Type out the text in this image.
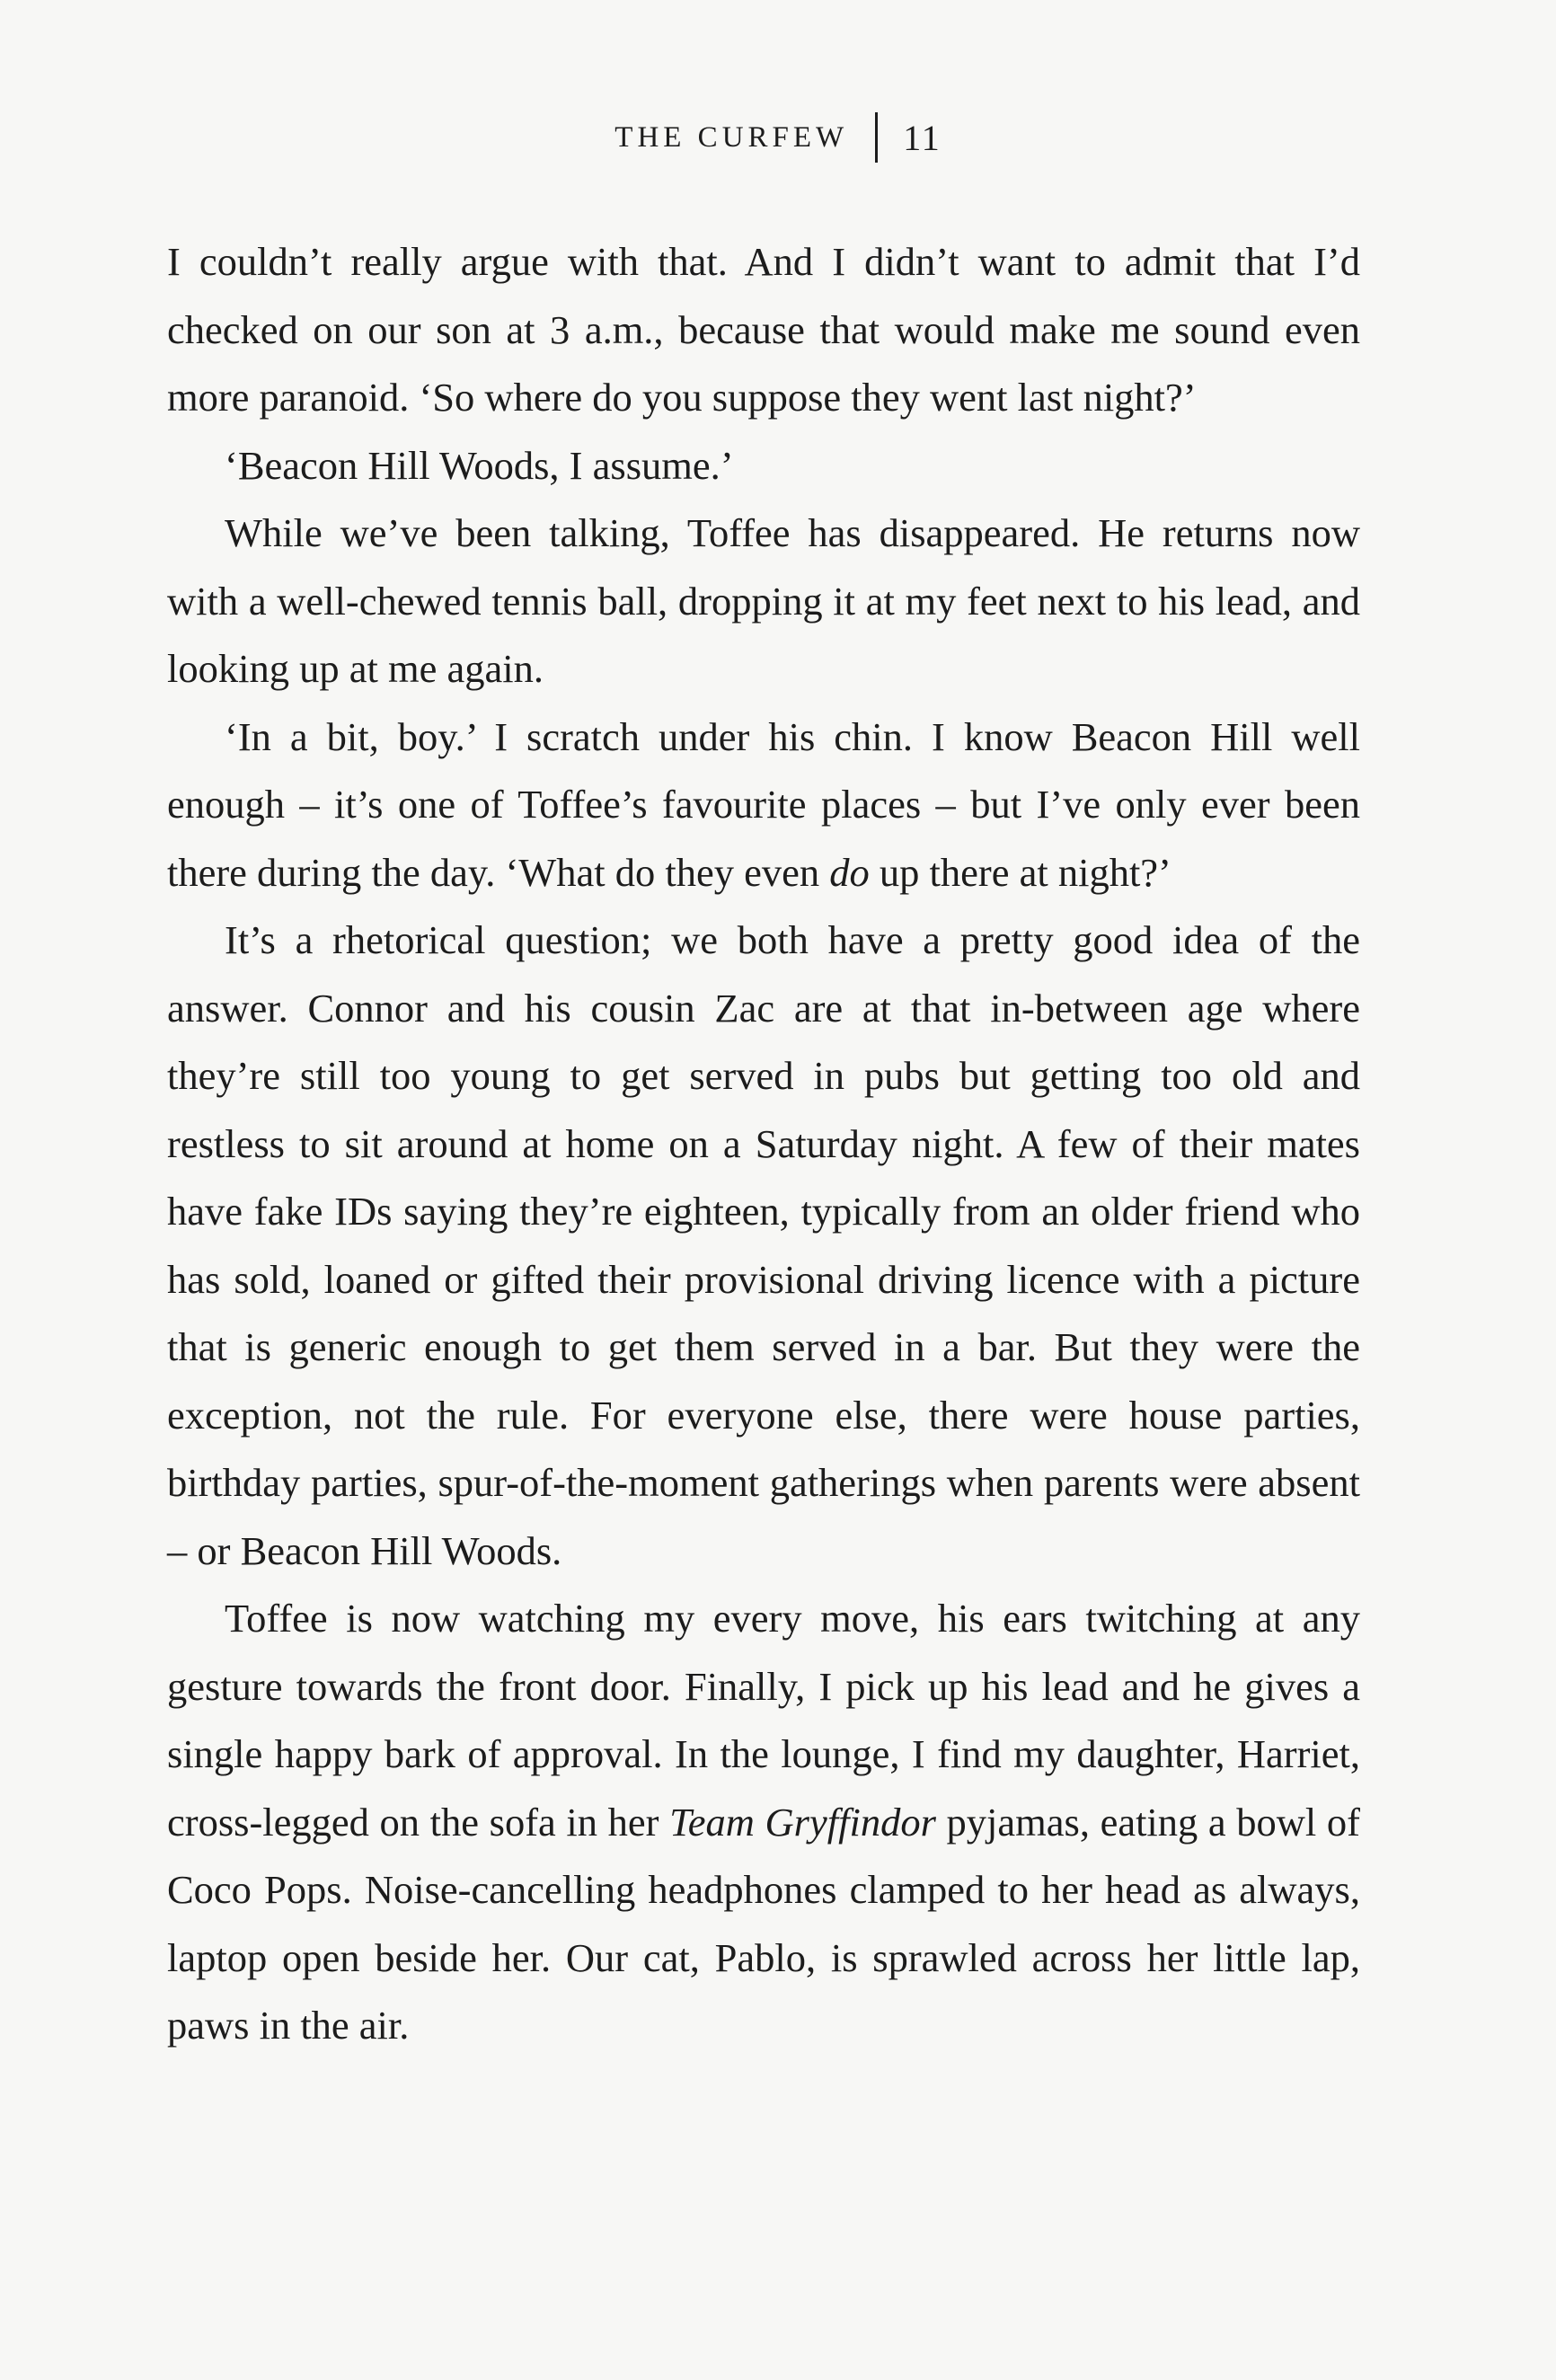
THE CURFEW 11

I couldn’t really argue with that. And I didn’t want to admit that I’d checked on our son at 3 a.m., because that would make me sound even more paranoid. ‘So where do you suppose they went last night?’

‘Beacon Hill Woods, I assume.’

While we’ve been talking, Toffee has disappeared. He returns now with a well-chewed tennis ball, dropping it at my feet next to his lead, and looking up at me again.

‘In a bit, boy.’ I scratch under his chin. I know Beacon Hill well enough – it’s one of Toffee’s favourite places – but I’ve only ever been there during the day. ‘What do they even do up there at night?’

It’s a rhetorical question; we both have a pretty good idea of the answer. Connor and his cousin Zac are at that in-between age where they’re still too young to get served in pubs but getting too old and restless to sit around at home on a Saturday night. A few of their mates have fake IDs saying they’re eighteen, typically from an older friend who has sold, loaned or gifted their provisional driving licence with a picture that is generic enough to get them served in a bar. But they were the exception, not the rule. For everyone else, there were house parties, birthday parties, spur-of-the-moment gatherings when parents were absent – or Beacon Hill Woods.

Toffee is now watching my every move, his ears twitching at any gesture towards the front door. Finally, I pick up his lead and he gives a single happy bark of approval. In the lounge, I find my daughter, Harriet, cross-legged on the sofa in her Team Gryffindor pyjamas, eating a bowl of Coco Pops. Noise-cancelling headphones clamped to her head as always, laptop open beside her. Our cat, Pablo, is sprawled across her little lap, paws in the air.
